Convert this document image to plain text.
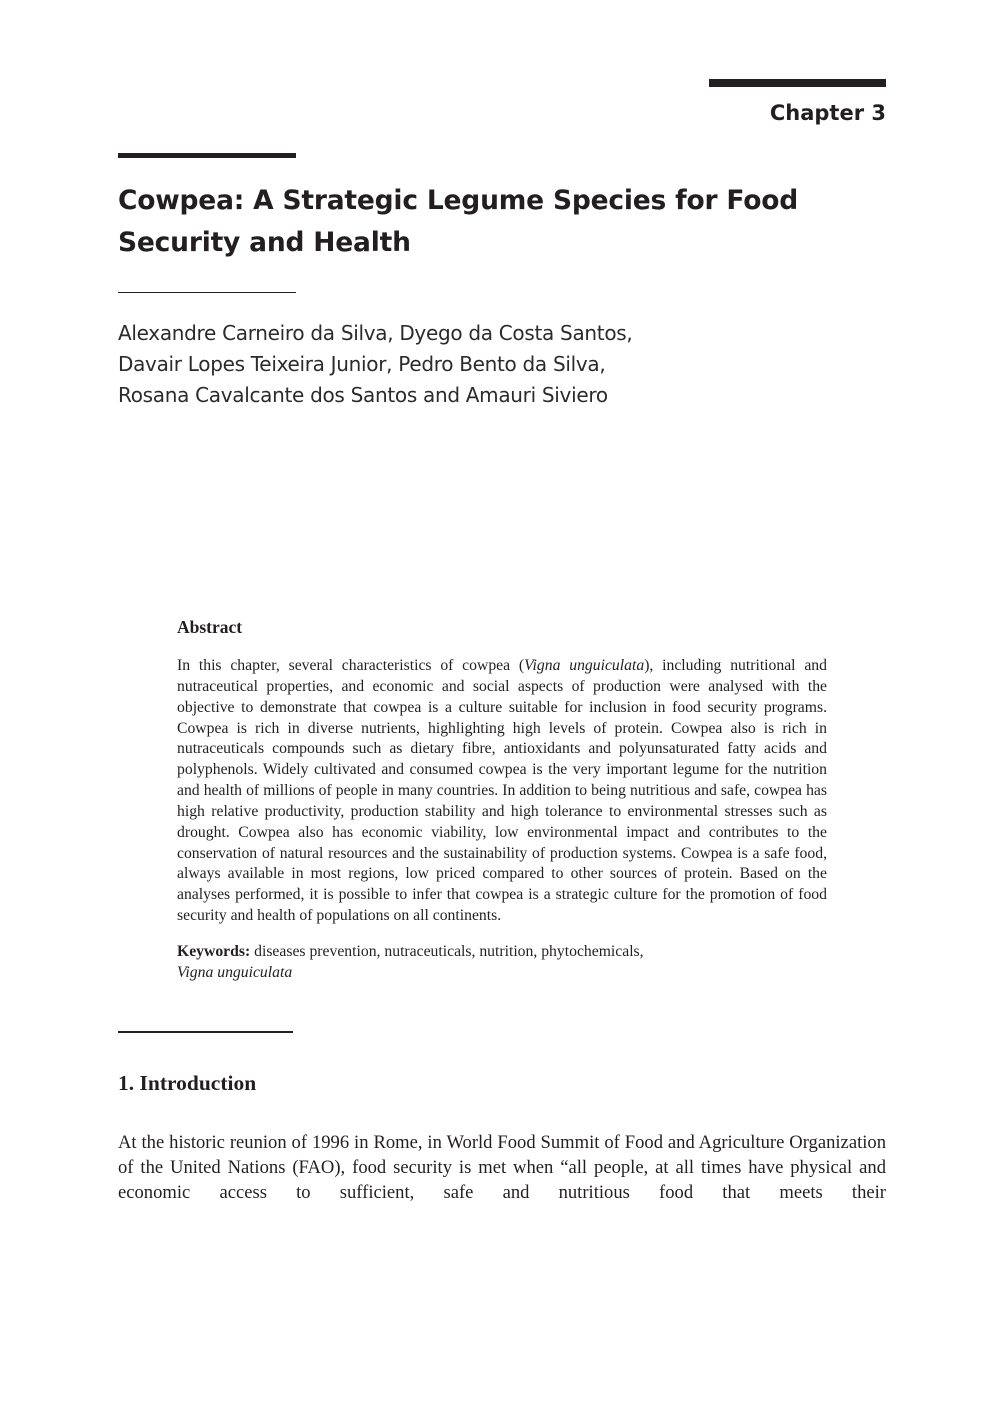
Chapter 3
Cowpea: A Strategic Legume Species for Food Security and Health
Alexandre Carneiro da Silva, Dyego da Costa Santos,
Davair Lopes Teixeira Junior, Pedro Bento da Silva,
Rosana Cavalcante dos Santos and Amauri Siviero
Abstract

In this chapter, several characteristics of cowpea (Vigna unguiculata), including nutritional and nutraceutical properties, and economic and social aspects of production were analysed with the objective to demonstrate that cowpea is a culture suitable for inclusion in food security programs. Cowpea is rich in diverse nutrients, highlighting high levels of protein. Cowpea also is rich in nutraceuticals compounds such as dietary fibre, antioxidants and polyunsaturated fatty acids and polyphenols. Widely cultivated and consumed cowpea is the very important legume for the nutrition and health of millions of people in many countries. In addition to being nutritious and safe, cowpea has high relative productivity, production stability and high tolerance to environmental stresses such as drought. Cowpea also has economic viability, low environmental impact and contributes to the conservation of natural resources and the sustainability of production systems. Cowpea is a safe food, always available in most regions, low priced compared to other sources of protein. Based on the analyses performed, it is possible to infer that cowpea is a strategic culture for the promotion of food security and health of populations on all continents.

Keywords: diseases prevention, nutraceuticals, nutrition, phytochemicals,
Vigna unguiculata
1. Introduction

At the historic reunion of 1996 in Rome, in World Food Summit of Food and Agriculture Organization of the United Nations (FAO), food security is met when “all people, at all times have physical and economic access to sufficient, safe and nutritious food that meets their
